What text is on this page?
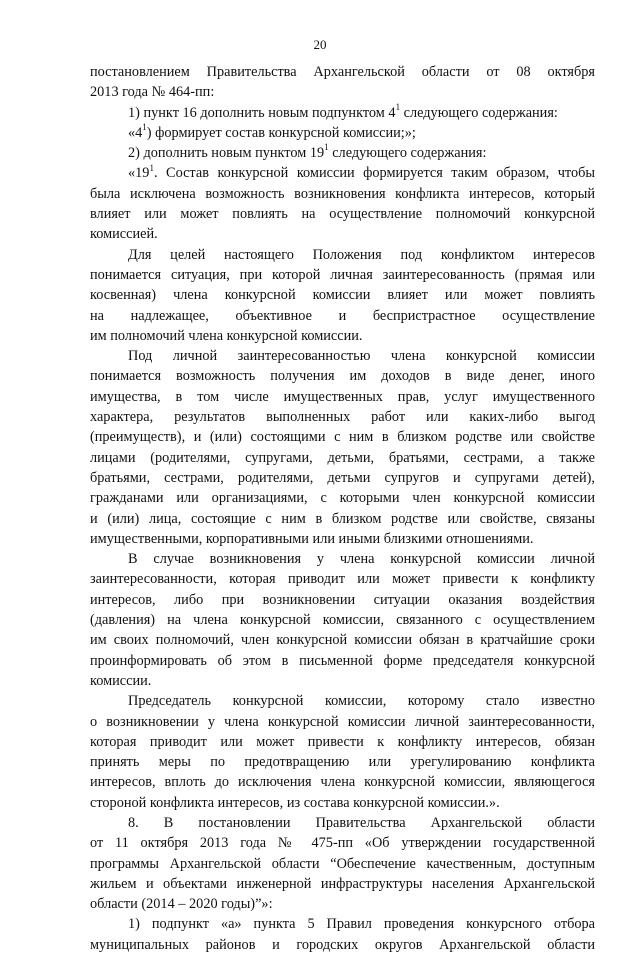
20

постановлением Правительства Архангельской области от 08 октября
2013 года № 464-пп:

1) пункт 16 дополнить новым подпунктом $4^1$ следующего содержания:

«$4^1$) формирует состав конкурсной комиссии;»;

2) дополнить новым пунктом $19^1$ следующего содержания:

«$19^1$. Состав конкурсной комиссии формируется таким образом, чтобы
была исключена возможность возникновения конфликта интересов, который
влияет или может повлиять на осуществление полномочий конкурсной
комиссией.

Для целей настоящего Положения под конфликтом интересов
понимается ситуация, при которой личная заинтересованность (прямая или
косвенная) члена конкурсной комиссии влияет или может повлиять
на надлежащее, объективное и беспристрастное осуществление
им полномочий члена конкурсной комиссии.

Под личной заинтересованностью члена конкурсной комиссии
понимается возможность получения им доходов в виде денег, иного
имущества, в том числе имущественных прав, услуг имущественного
характера, результатов выполненных работ или каких-либо выгод
(преимуществ), и (или) состоящими с ним в близком родстве или свойстве
лицами (родителями, супругами, детьми, братьями, сестрами, а также
братьями, сестрами, родителями, детьми супругов и супругами детей),
гражданами или организациями, с которыми член конкурсной комиссии
и (или) лица, состоящие с ним в близком родстве или свойстве, связаны
имущественными, корпоративными или иными близкими отношениями.

В случае возникновения у члена конкурсной комиссии личной
заинтересованности, которая приводит или может привести к конфликту
интересов, либо при возникновении ситуации оказания воздействия
(давления) на члена конкурсной комиссии, связанного с осуществлением
им своих полномочий, член конкурсной комиссии обязан в кратчайшие сроки
проинформировать об этом в письменной форме председателя конкурсной
комиссии.

Председатель конкурсной комиссии, которому стало известно
о возникновении у члена конкурсной комиссии личной заинтересованности,
которая приводит или может привести к конфликту интересов, обязан
принять меры по предотвращению или урегулированию конфликта
интересов, вплоть до исключения члена конкурсной комиссии, являющегося
стороной конфликта интересов, из состава конкурсной комиссии.».

8. В постановлении Правительства Архангельской области
от 11 октября 2013 года № 475-пп «Об утверждении государственной
программы Архангельской области “Обеспечение качественным, доступным
жильем и объектами инженерной инфраструктуры населения Архангельской
области (2014 – 2020 годы)”»:

1) подпункт «а» пункта 5 Правил проведения конкурсного отбора
муниципальных районов и городских округов Архангельской области
